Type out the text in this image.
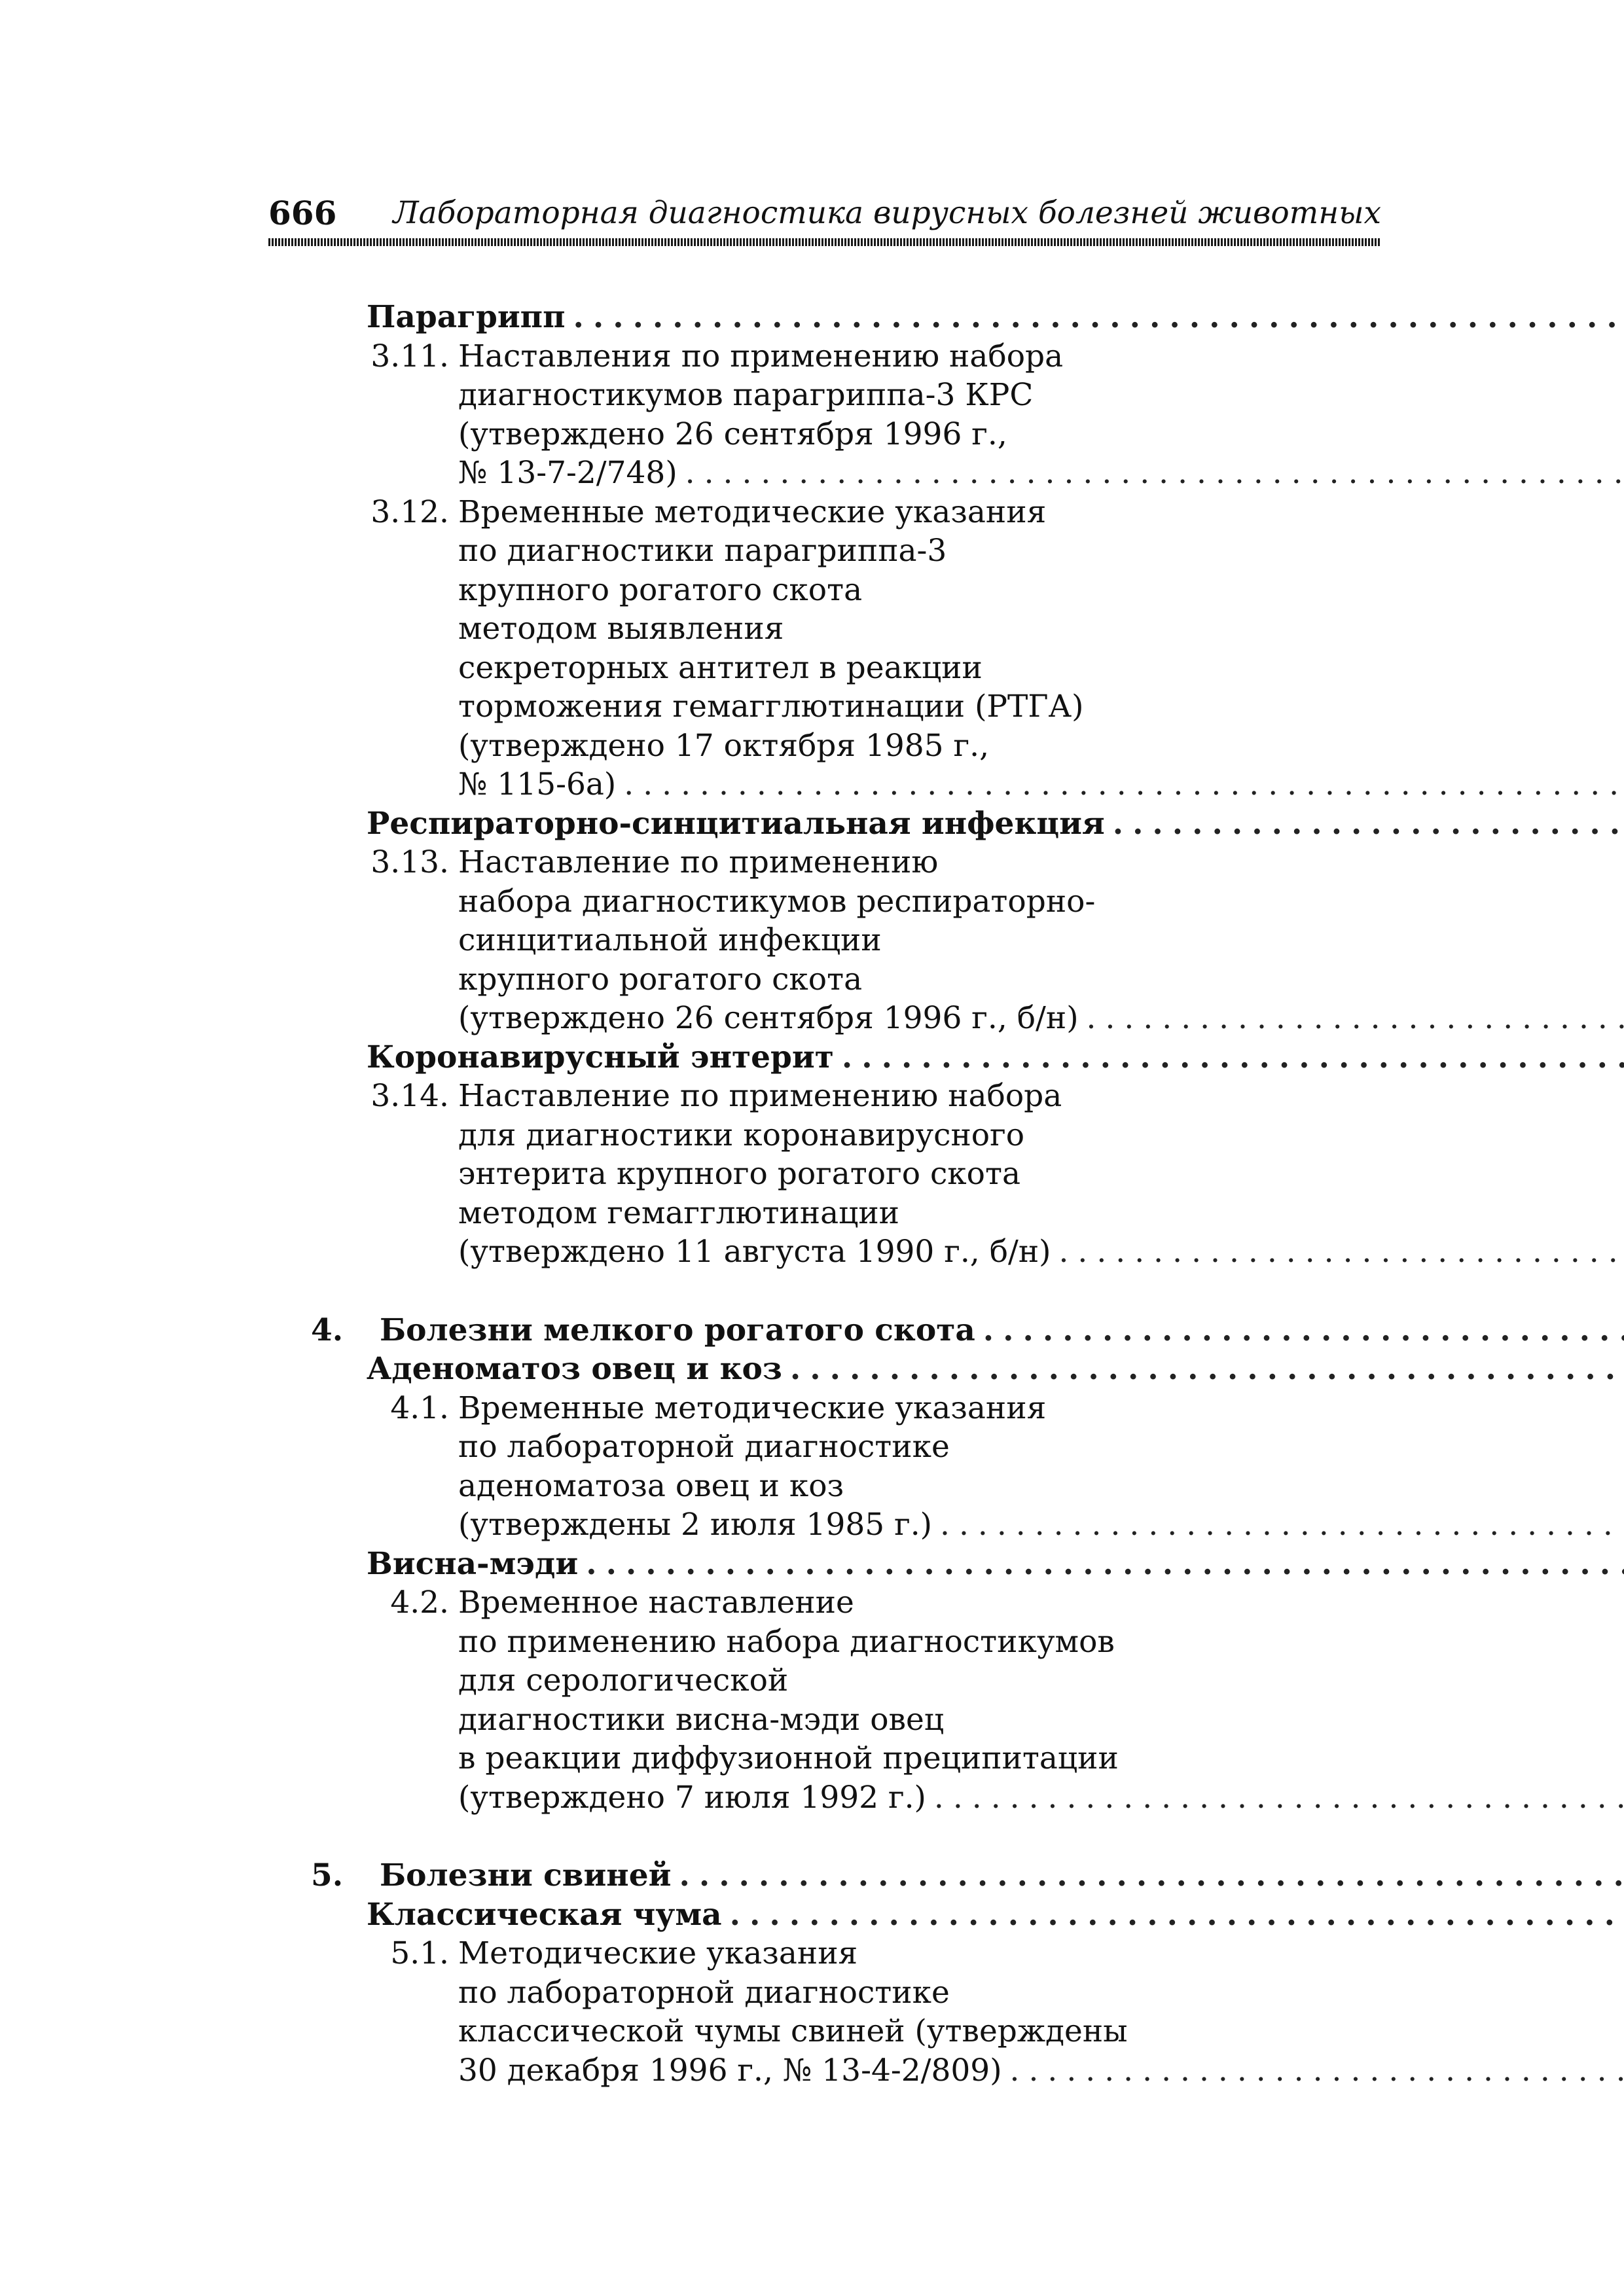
666 Лабораторная диагностика вирусных болезней животных
Парагрипп
.....
3.11. Наставления по применению набора
диагностикумов парагриппа-3 КРС
(утверждено 26 сентября 1996 г.,
№ 13-7-2/748)
.....
3.12. Временные методические указания
по диагностики парагриппа-3
крупного рогатого скота
методом выявления
секреторных антител в реакции
торможения гемагглютинации (РТГА)
(утверждено 17 октября 1985 г.,
№ 115-6а)
.....
Респираторно-синцитиальная инфекция
.....
3.13. Наставление по применению
набора диагностикумов респираторно-
синцитиальной инфекции
крупного рогатого скота
(утверждено 26 сентября 1996 г., б/н)
.....
Коронавирусный энтерит
.....
3.14. Наставление по применению набора
для диагностики коронавирусного
энтерита крупного рогатого скота
методом гемагглютинации
(утверждено 11 августа 1990 г., б/н)
.....
4.	Болезни мелкого рогатого скота
.....
Аденоматоз овец и коз
.....
4.1. Временные методические указания
по лабораторной диагностике
аденоматоза овец и коз
(утверждены 2 июля 1985 г.)
.....
Висна-мэди
.....
4.2. Временное наставление
по применению набора диагностикумов
для серологической
диагностики висна-мэди овец
в реакции диффузионной преципитации
(утверждено 7 июля 1992 г.)
.....
5.	Болезни свиней
.....
Классическая чума
.....
5.1. Методические указания
по лабораторной диагностике
классической чумы свиней (утверждены
30 декабря 1996 г., № 13-4-2/809)
.....
